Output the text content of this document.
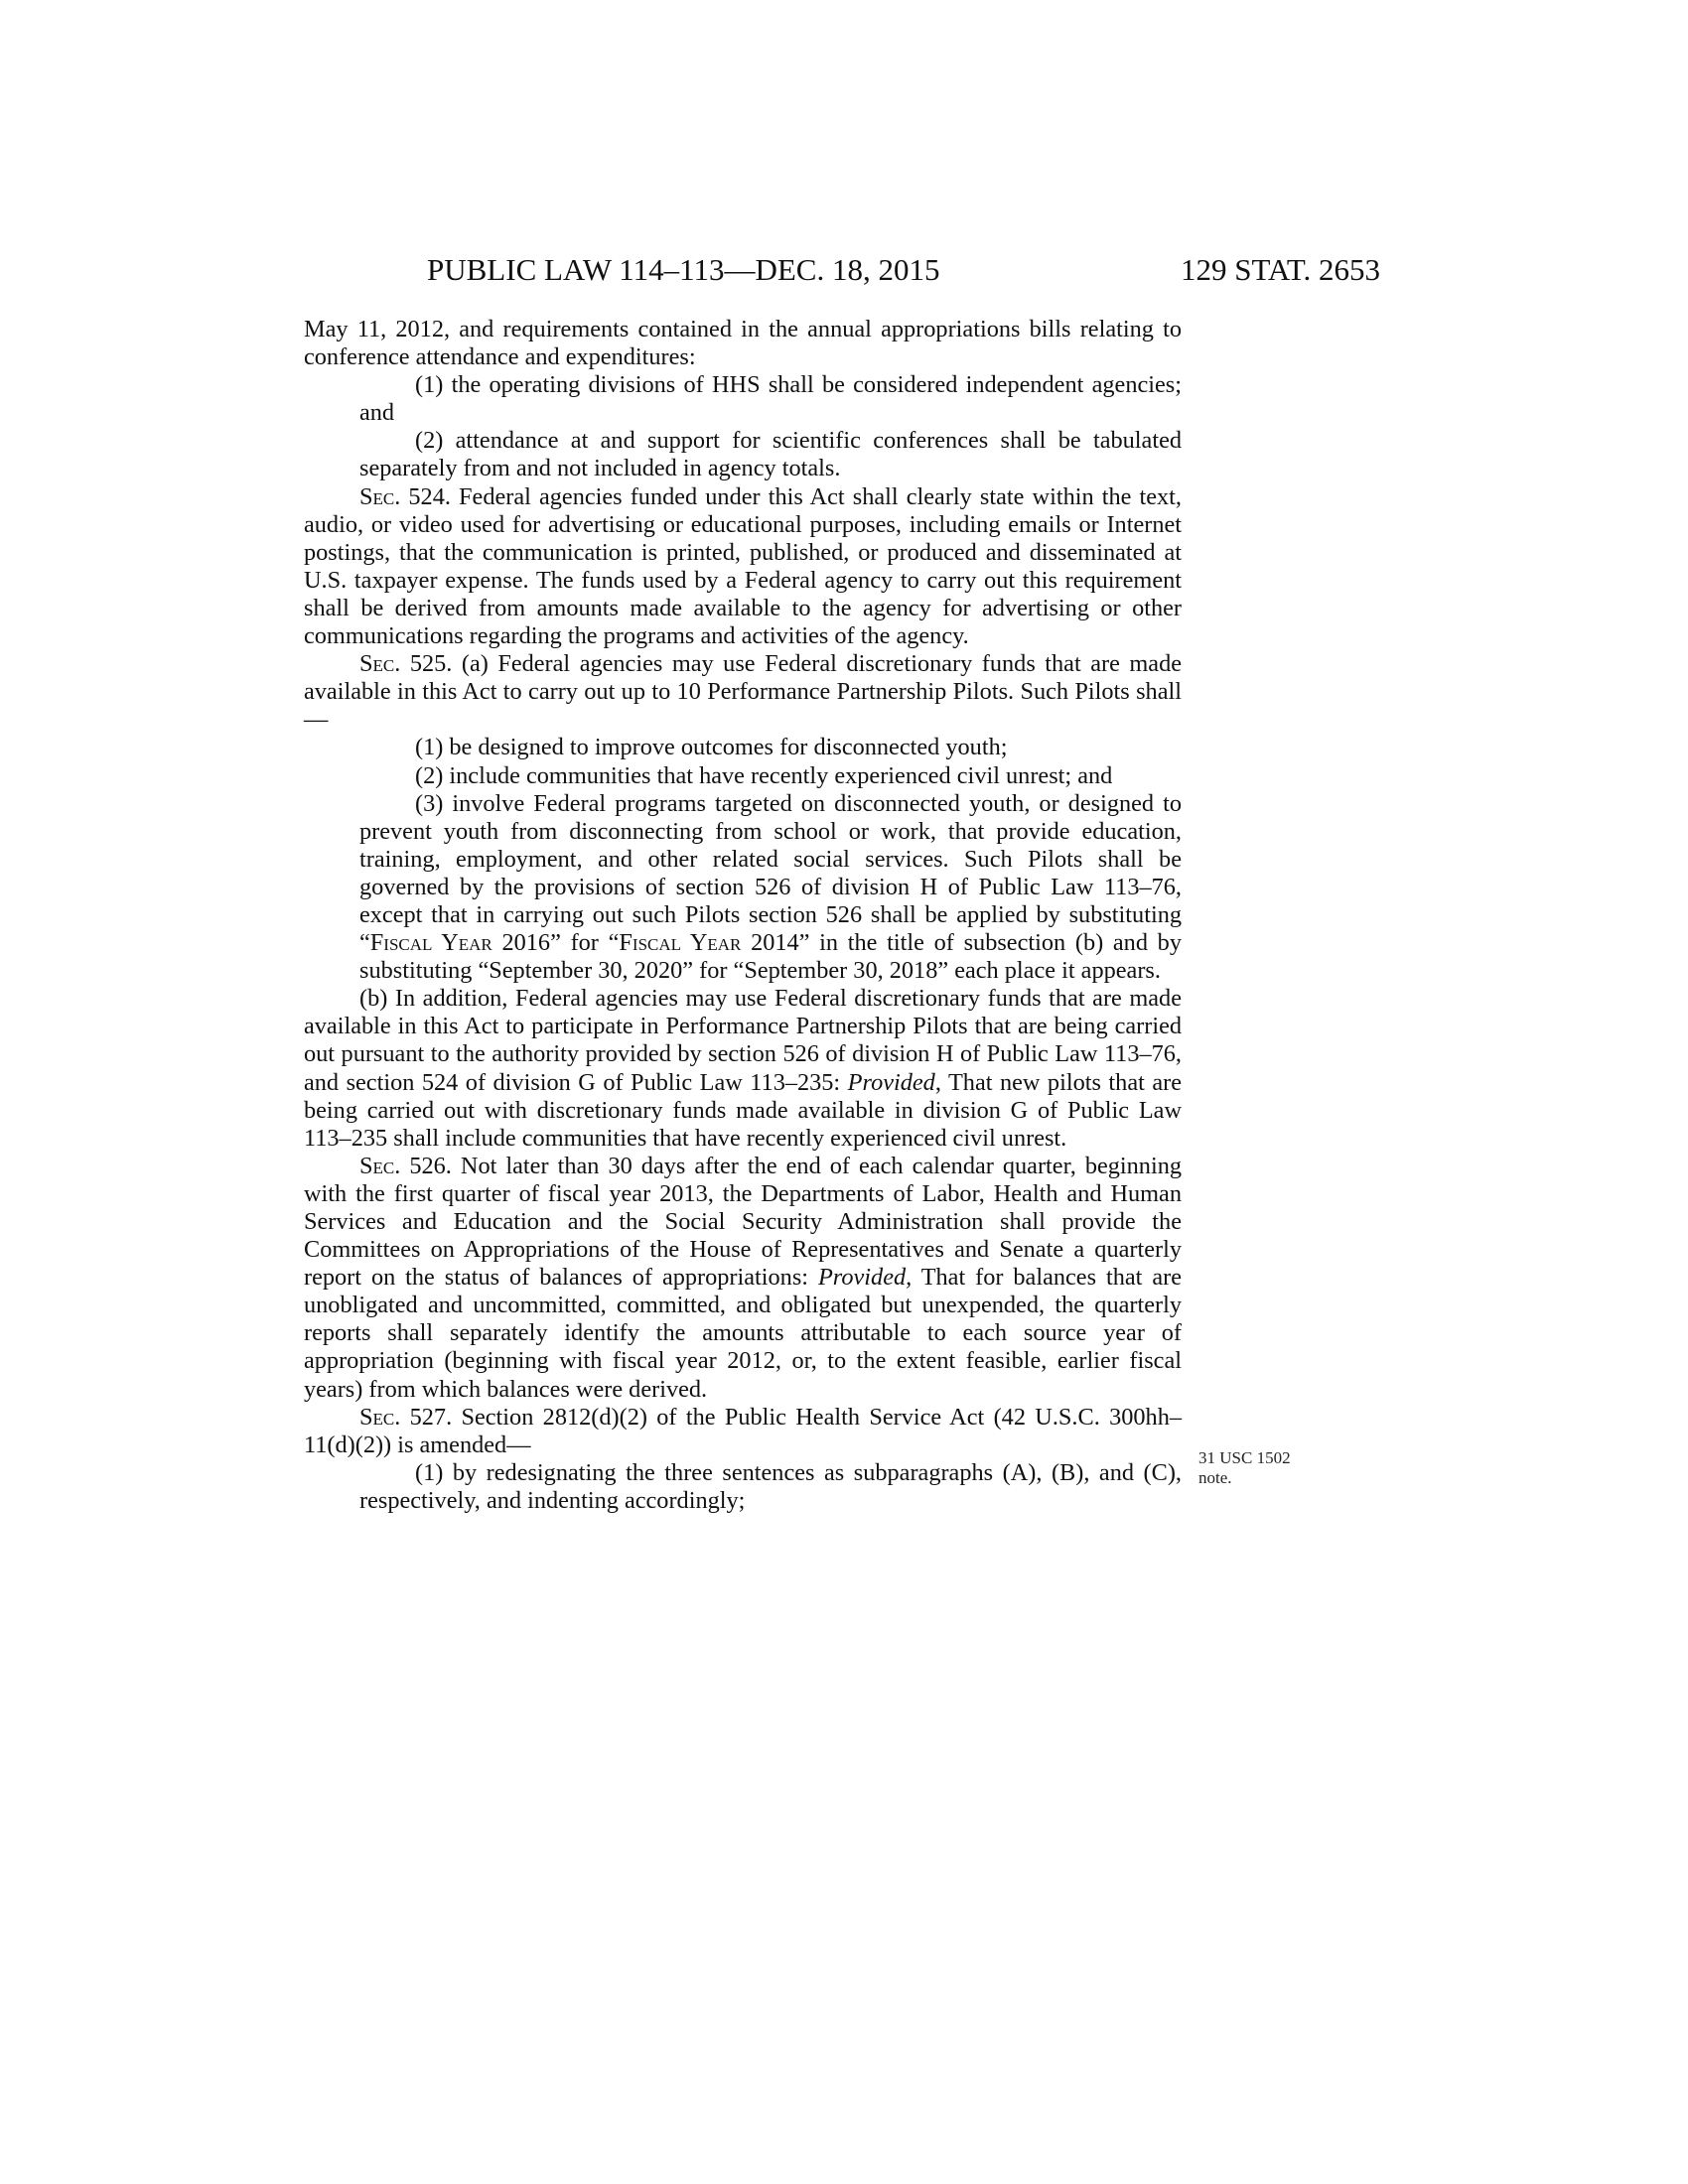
PUBLIC LAW 114–113—DEC. 18, 2015	129 STAT. 2653

May 11, 2012, and requirements contained in the annual appropriations bills relating to conference attendance and expenditures:

(1) the operating divisions of HHS shall be considered independent agencies; and

(2) attendance at and support for scientific conferences shall be tabulated separately from and not included in agency totals.

Sec. 524. Federal agencies funded under this Act shall clearly state within the text, audio, or video used for advertising or educational purposes, including emails or Internet postings, that the communication is printed, published, or produced and disseminated at U.S. taxpayer expense. The funds used by a Federal agency to carry out this requirement shall be derived from amounts made available to the agency for advertising or other communications regarding the programs and activities of the agency.

Sec. 525. (a) Federal agencies may use Federal discretionary funds that are made available in this Act to carry out up to 10 Performance Partnership Pilots. Such Pilots shall—

(1) be designed to improve outcomes for disconnected youth;

(2) include communities that have recently experienced civil unrest; and

(3) involve Federal programs targeted on disconnected youth, or designed to prevent youth from disconnecting from school or work, that provide education, training, employment, and other related social services. Such Pilots shall be governed by the provisions of section 526 of division H of Public Law 113–76, except that in carrying out such Pilots section 526 shall be applied by substituting “Fiscal Year 2016” for “Fiscal Year 2014” in the title of subsection (b) and by substituting “September 30, 2020” for “September 30, 2018” each place it appears.

(b) In addition, Federal agencies may use Federal discretionary funds that are made available in this Act to participate in Performance Partnership Pilots that are being carried out pursuant to the authority provided by section 526 of division H of Public Law 113–76, and section 524 of division G of Public Law 113–235: Provided, That new pilots that are being carried out with discretionary funds made available in division G of Public Law 113–235 shall include communities that have recently experienced civil unrest.

Sec. 526. Not later than 30 days after the end of each calendar quarter, beginning with the first quarter of fiscal year 2013, the Departments of Labor, Health and Human Services and Education and the Social Security Administration shall provide the Committees on Appropriations of the House of Representatives and Senate a quarterly report on the status of balances of appropriations: Provided, That for balances that are unobligated and uncommitted, committed, and obligated but unexpended, the quarterly reports shall separately identify the amounts attributable to each source year of appropriation (beginning with fiscal year 2012, or, to the extent feasible, earlier fiscal years) from which balances were derived.

Sec. 527. Section 2812(d)(2) of the Public Health Service Act (42 U.S.C. 300hh–11(d)(2)) is amended—

(1) by redesignating the three sentences as subparagraphs (A), (B), and (C), respectively, and indenting accordingly;

31 USC 1502
note.
